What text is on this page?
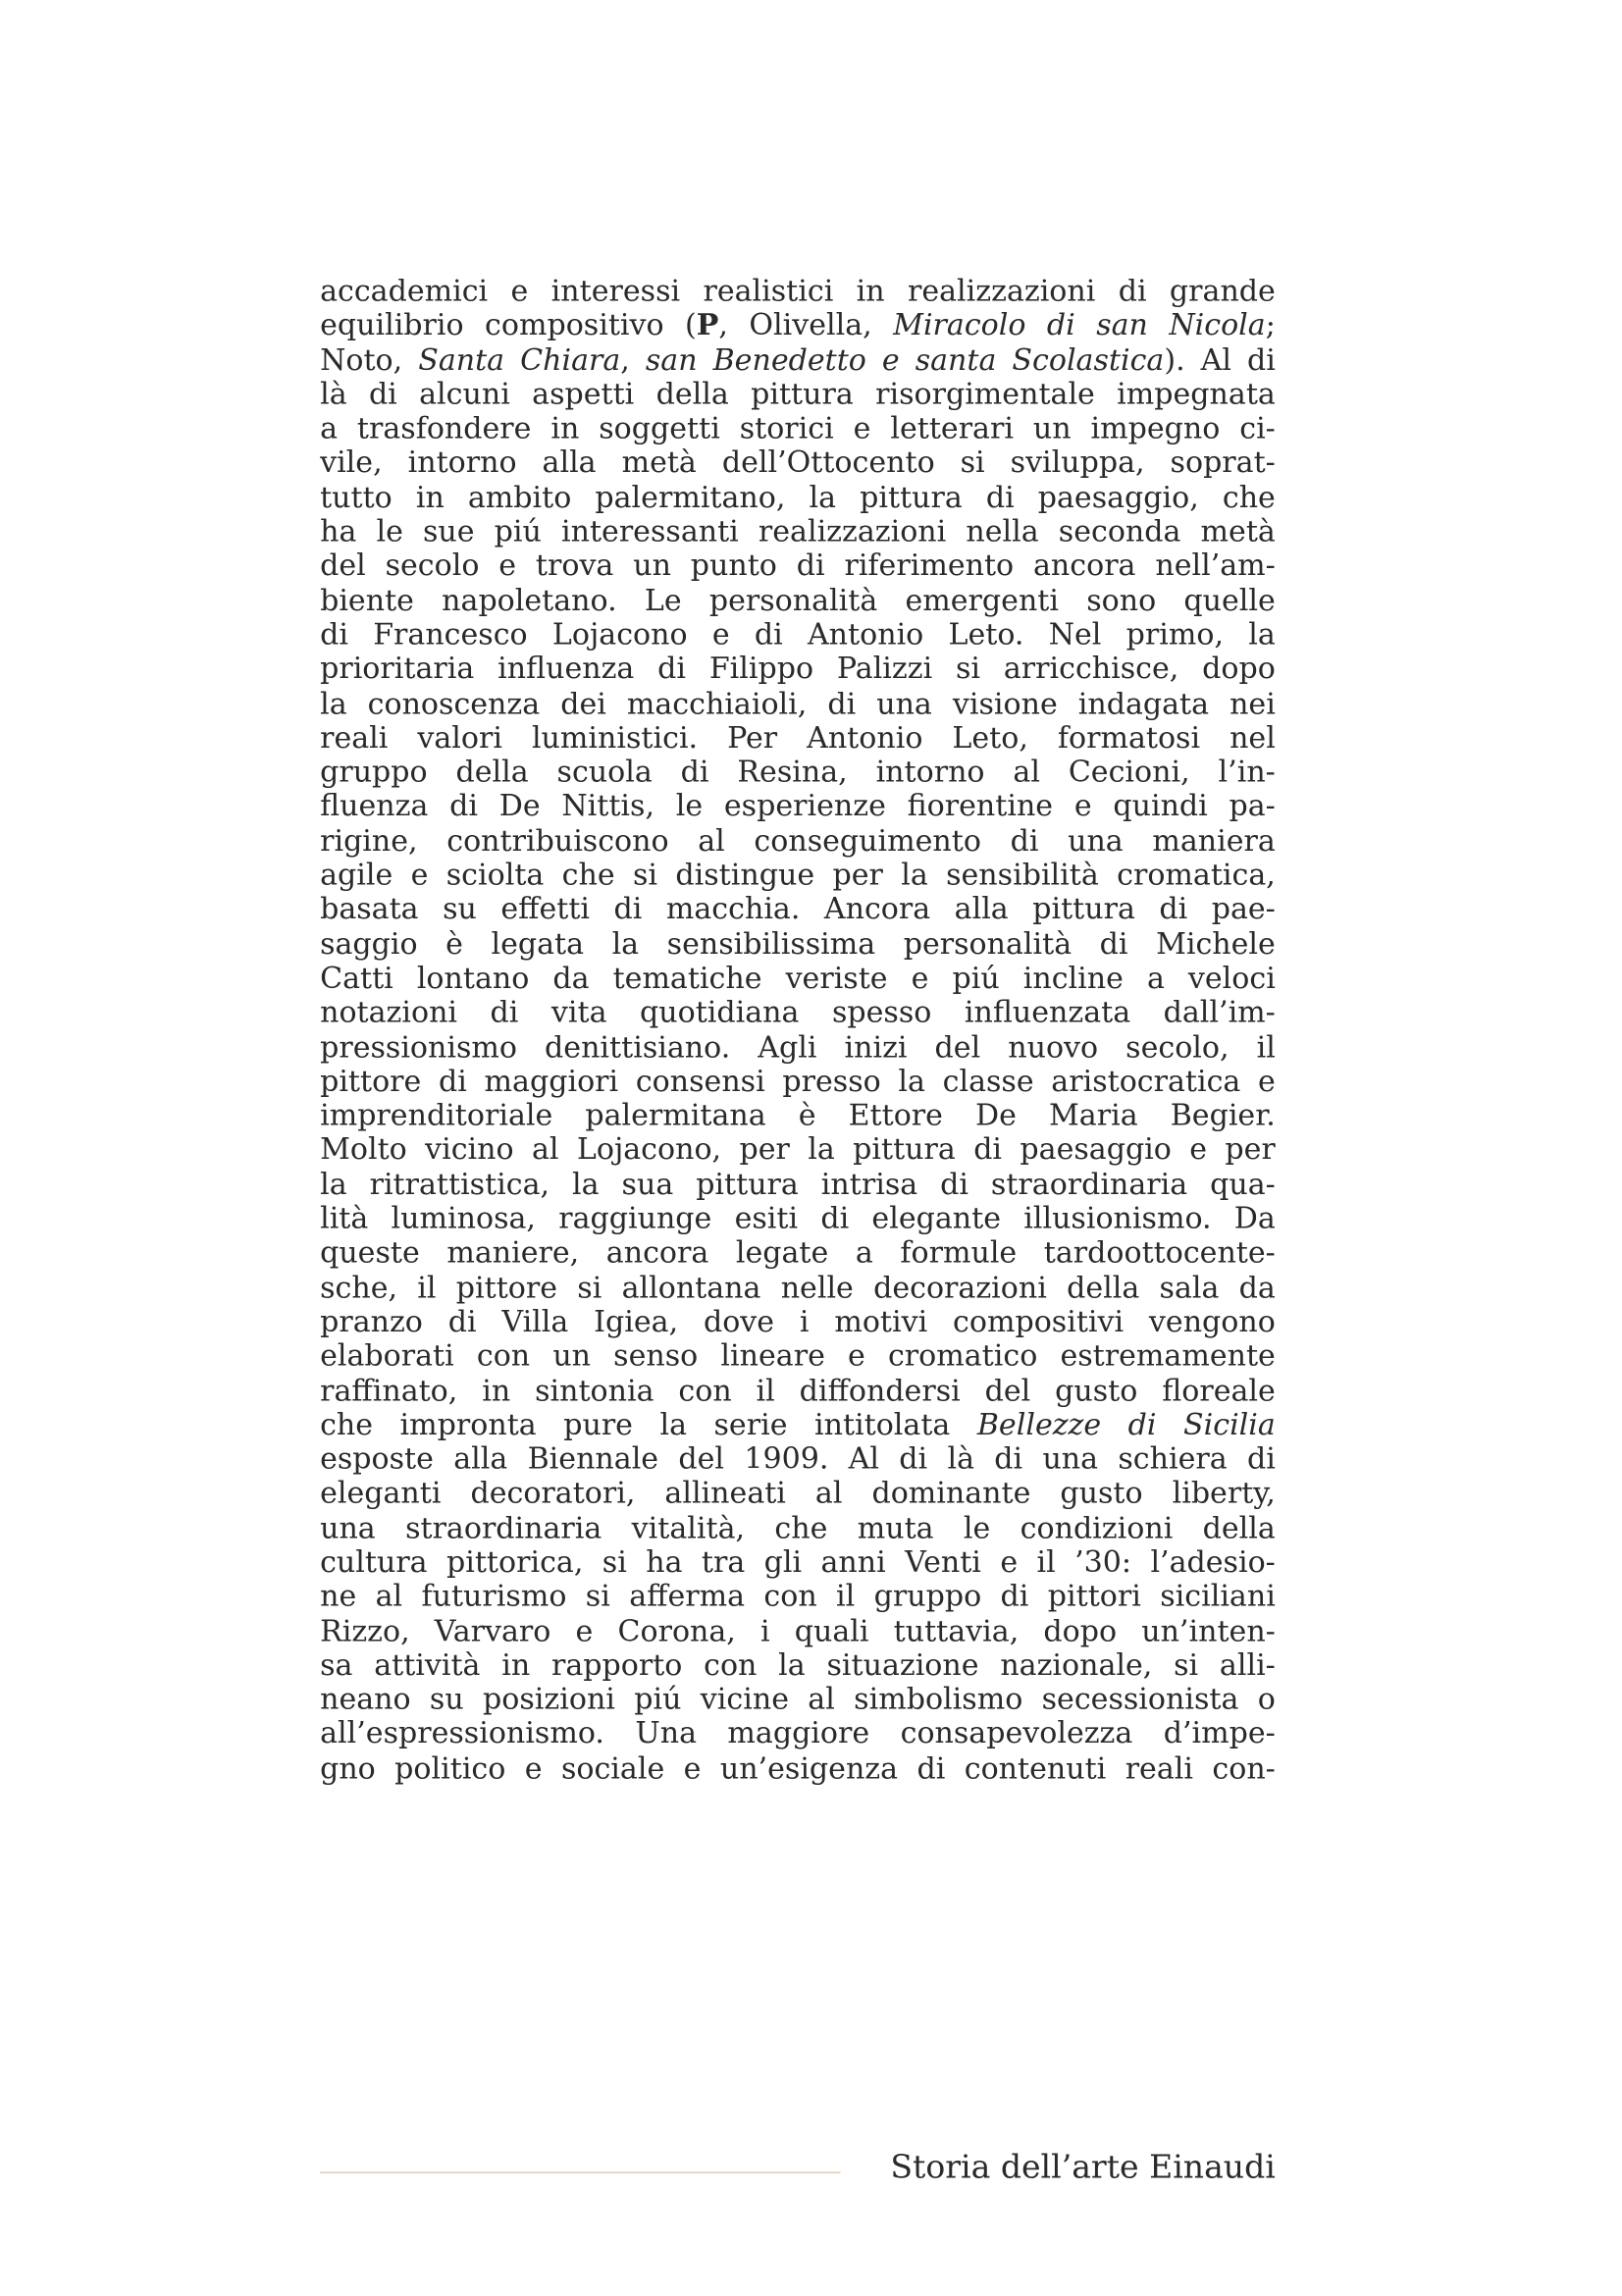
accademici e interessi realistici in realizzazioni di grande
equilibrio compositivo (P, Olivella, Miracolo di san Nicola;
Noto, Santa Chiara, san Benedetto e santa Scolastica). Al di
là di alcuni aspetti della pittura risorgimentale impegnata
a trasfondere in soggetti storici e letterari un impegno ci-
vile, intorno alla metà dell’Ottocento si sviluppa, soprat-
tutto in ambito palermitano, la pittura di paesaggio, che
ha le sue piú interessanti realizzazioni nella seconda metà
del secolo e trova un punto di riferimento ancora nell’am-
biente napoletano. Le personalità emergenti sono quelle
di Francesco Lojacono e di Antonio Leto. Nel primo, la
prioritaria influenza di Filippo Palizzi si arricchisce, dopo
la conoscenza dei macchiaioli, di una visione indagata nei
reali valori luministici. Per Antonio Leto, formatosi nel
gruppo della scuola di Resina, intorno al Cecioni, l’in-
fluenza di De Nittis, le esperienze fiorentine e quindi pa-
rigine, contribuiscono al conseguimento di una maniera
agile e sciolta che si distingue per la sensibilità cromatica,
basata su effetti di macchia. Ancora alla pittura di pae-
saggio è legata la sensibilissima personalità di Michele
Catti lontano da tematiche veriste e piú incline a veloci
notazioni di vita quotidiana spesso influenzata dall’im-
pressionismo denittisiano. Agli inizi del nuovo secolo, il
pittore di maggiori consensi presso la classe aristocratica e
imprenditoriale palermitana è Ettore De Maria Begier.
Molto vicino al Lojacono, per la pittura di paesaggio e per
la ritrattistica, la sua pittura intrisa di straordinaria qua-
lità luminosa, raggiunge esiti di elegante illusionismo. Da
queste maniere, ancora legate a formule tardoottocente-
sche, il pittore si allontana nelle decorazioni della sala da
pranzo di Villa Igiea, dove i motivi compositivi vengono
elaborati con un senso lineare e cromatico estremamente
raffinato, in sintonia con il diffondersi del gusto floreale
che impronta pure la serie intitolata Bellezze di Sicilia
esposte alla Biennale del 1909. Al di là di una schiera di
eleganti decoratori, allineati al dominante gusto liberty,
una straordinaria vitalità, che muta le condizioni della
cultura pittorica, si ha tra gli anni Venti e il ’30: l’adesio-
ne al futurismo si afferma con il gruppo di pittori siciliani
Rizzo, Varvaro e Corona, i quali tuttavia, dopo un’inten-
sa attività in rapporto con la situazione nazionale, si alli-
neano su posizioni piú vicine al simbolismo secessionista o
all’espressionismo. Una maggiore consapevolezza d’impe-
gno politico e sociale e un’esigenza di contenuti reali con-
Storia dell’arte Einaudi
